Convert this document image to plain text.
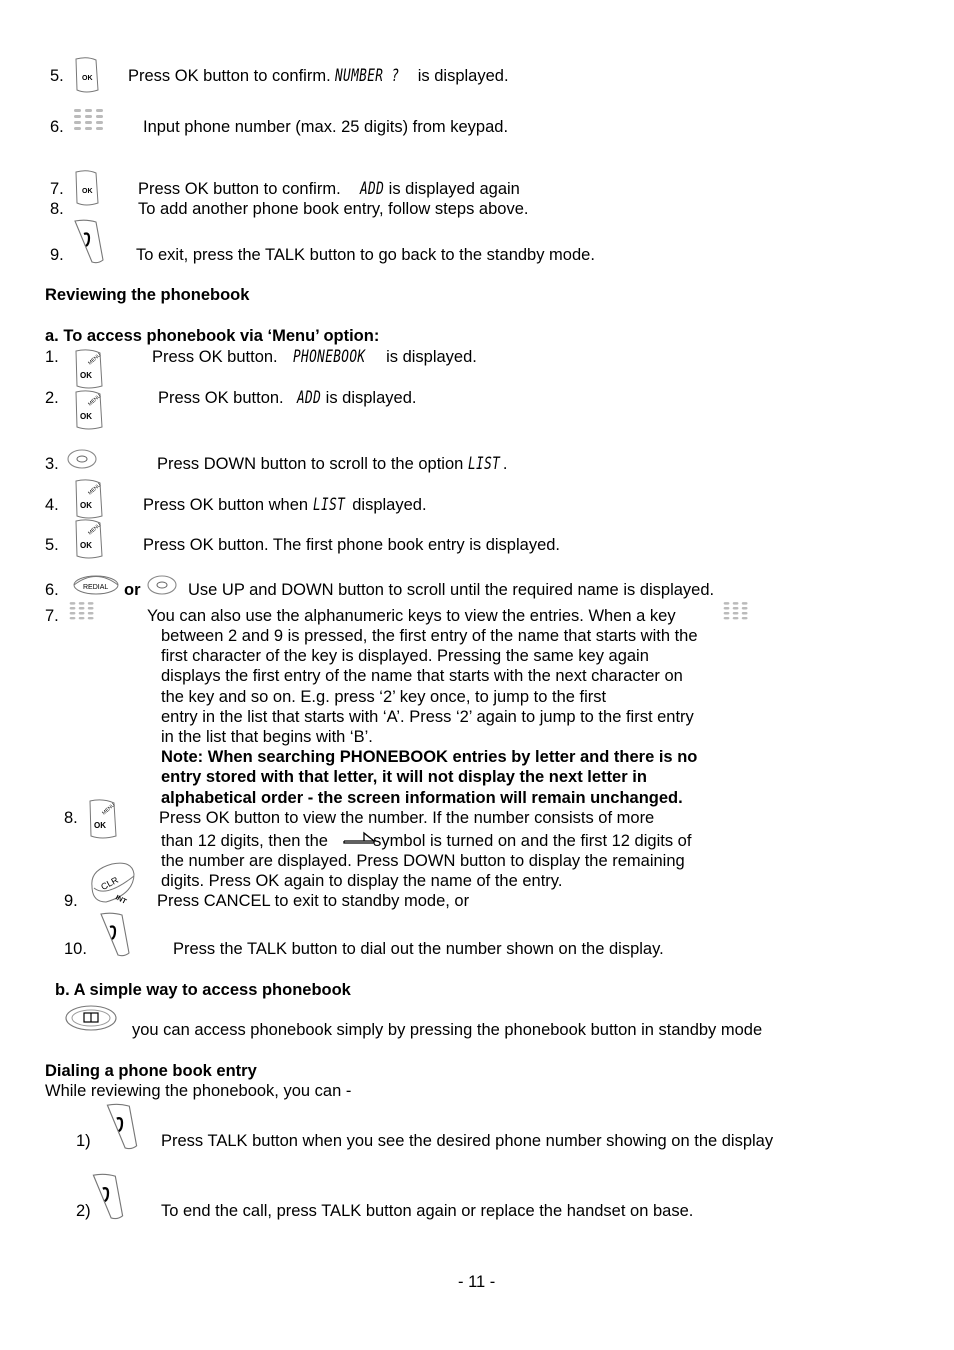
5.	OK Press OK button to confirm. NUMBER ? is displayed.
6.	Input phone number (max. 25 digits) from keypad.
7.	OK	Press OK button to confirm. ADD is displayed again
8.	To add another phone book entry, follow steps above.
9.	To exit, press the TALK button to go back to the standby mode.
Reviewing the phonebook
a. To access phonebook via ‘Menu’ option:
1.	MENU
OK
Press OK button. PHONEBOOK is displayed.
2.	MENU
OK
Press OK button. ADD is displayed.
3.	Press DOWN button to scroll to the option LIST .
4.
MENU
OK	Press OK button when LIST displayed.
5.
MENU
OK	Press OK button. The first phone book entry is displayed.
6.	REDIAL or	Use UP and DOWN button to scroll until the required name is displayed.
7.	You can also use the alphanumeric keys to view the entries. When a key
between 2 and 9 is pressed, the first entry of the name that starts with the
first character of the key is displayed. Pressing the same key again
displays the first entry of the name that starts with the next character on
the key and so on. E.g. press ‘2’ key once, to jump to the first
entry in the list that starts with ‘A’. Press ‘2’ again to jump to the first entry
in the list that begins with ‘B’.
Note: When searching PHONEBOOK entries by letter and there is no
entry stored with that letter, it will not display the next letter in
alphabetical order - the screen information will remain unchanged.
8.	MENU
OK	Press OK button to view the number. If the number consists of more
than 12 digits, then the	symbol is turned on and the first 12 digits of
the number are displayed. Press DOWN button to display the remaining
digits. Press OK again to display the name of the entry.
CLR
INT
9.	Press CANCEL to exit to standby mode, or
10.	Press the TALK button to dial out the number shown on the display.
b. A simple way to access phonebook
you can access phonebook simply by pressing the phonebook button in standby mode
Dialing a phone book entry
While reviewing the phonebook, you can -
1)	Press TALK button when you see the desired phone number showing on the display
2)	To end the call, press TALK button again or replace the handset on base.
- 11 -
